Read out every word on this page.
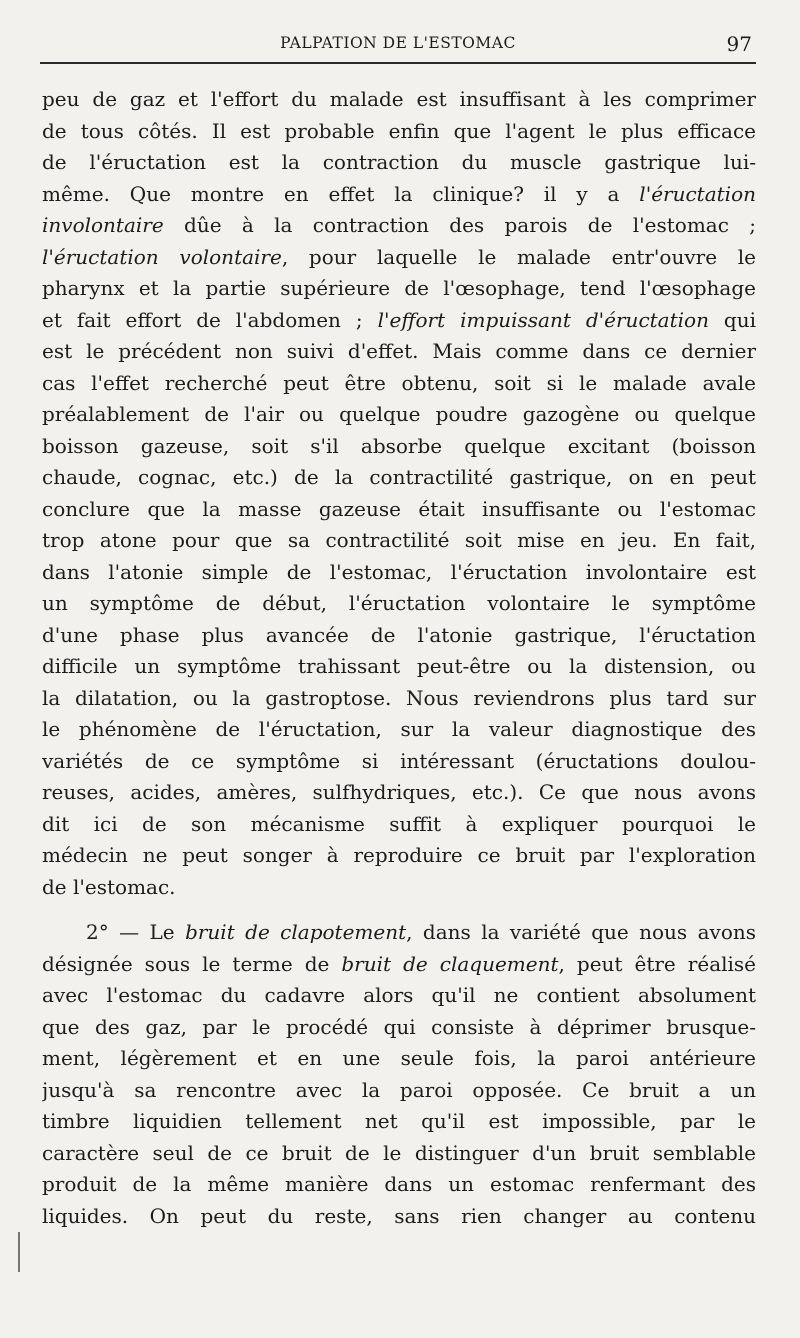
PALPATION DE L'ESTOMAC	97
peu de gaz et l'effort du malade est insuffisant à les comprimer
de tous côtés. Il est probable enfin que l'agent le plus efficace
de l'éructation est la contraction du muscle gastrique lui-
même. Que montre en effet la clinique? il y a l'éructation
involontaire dûe à la contraction des parois de l'estomac ;
l'éructation volontaire, pour laquelle le malade entr'ouvre le
pharynx et la partie supérieure de l'œsophage, tend l'œsophage
et fait effort de l'abdomen ; l'effort impuissant d'éructation qui
est le précédent non suivi d'effet. Mais comme dans ce dernier
cas l'effet recherché peut être obtenu, soit si le malade avale
préalablement de l'air ou quelque poudre gazogène ou quelque
boisson gazeuse, soit s'il absorbe quelque excitant (boisson
chaude, cognac, etc.) de la contractilité gastrique, on en peut
conclure que la masse gazeuse était insuffisante ou l'estomac
trop atone pour que sa contractilité soit mise en jeu. En fait,
dans l'atonie simple de l'estomac, l'éructation involontaire est
un symptôme de début, l'éructation volontaire le symptôme
d'une phase plus avancée de l'atonie gastrique, l'éructation
difficile un symptôme trahissant peut-être ou la distension, ou
la dilatation, ou la gastroptose. Nous reviendrons plus tard sur
le phénomène de l'éructation, sur la valeur diagnostique des
variétés de ce symptôme si intéressant (éructations doulou-
reuses, acides, amères, sulfhydriques, etc.). Ce que nous avons
dit ici de son mécanisme suffit à expliquer pourquoi le
médecin ne peut songer à reproduire ce bruit par l'exploration
de l'estomac.
2° — Le bruit de clapotement, dans la variété que nous avons
désignée sous le terme de bruit de claquement, peut être réalisé
avec l'estomac du cadavre alors qu'il ne contient absolument
que des gaz, par le procédé qui consiste à déprimer brusque-
ment, légèrement et en une seule fois, la paroi antérieure
jusqu'à sa rencontre avec la paroi opposée. Ce bruit a un
timbre liquidien tellement net qu'il est impossible, par le
caractère seul de ce bruit de le distinguer d'un bruit semblable
produit de la même manière dans un estomac renfermant des
liquides. On peut du reste, sans rien changer au contenu
